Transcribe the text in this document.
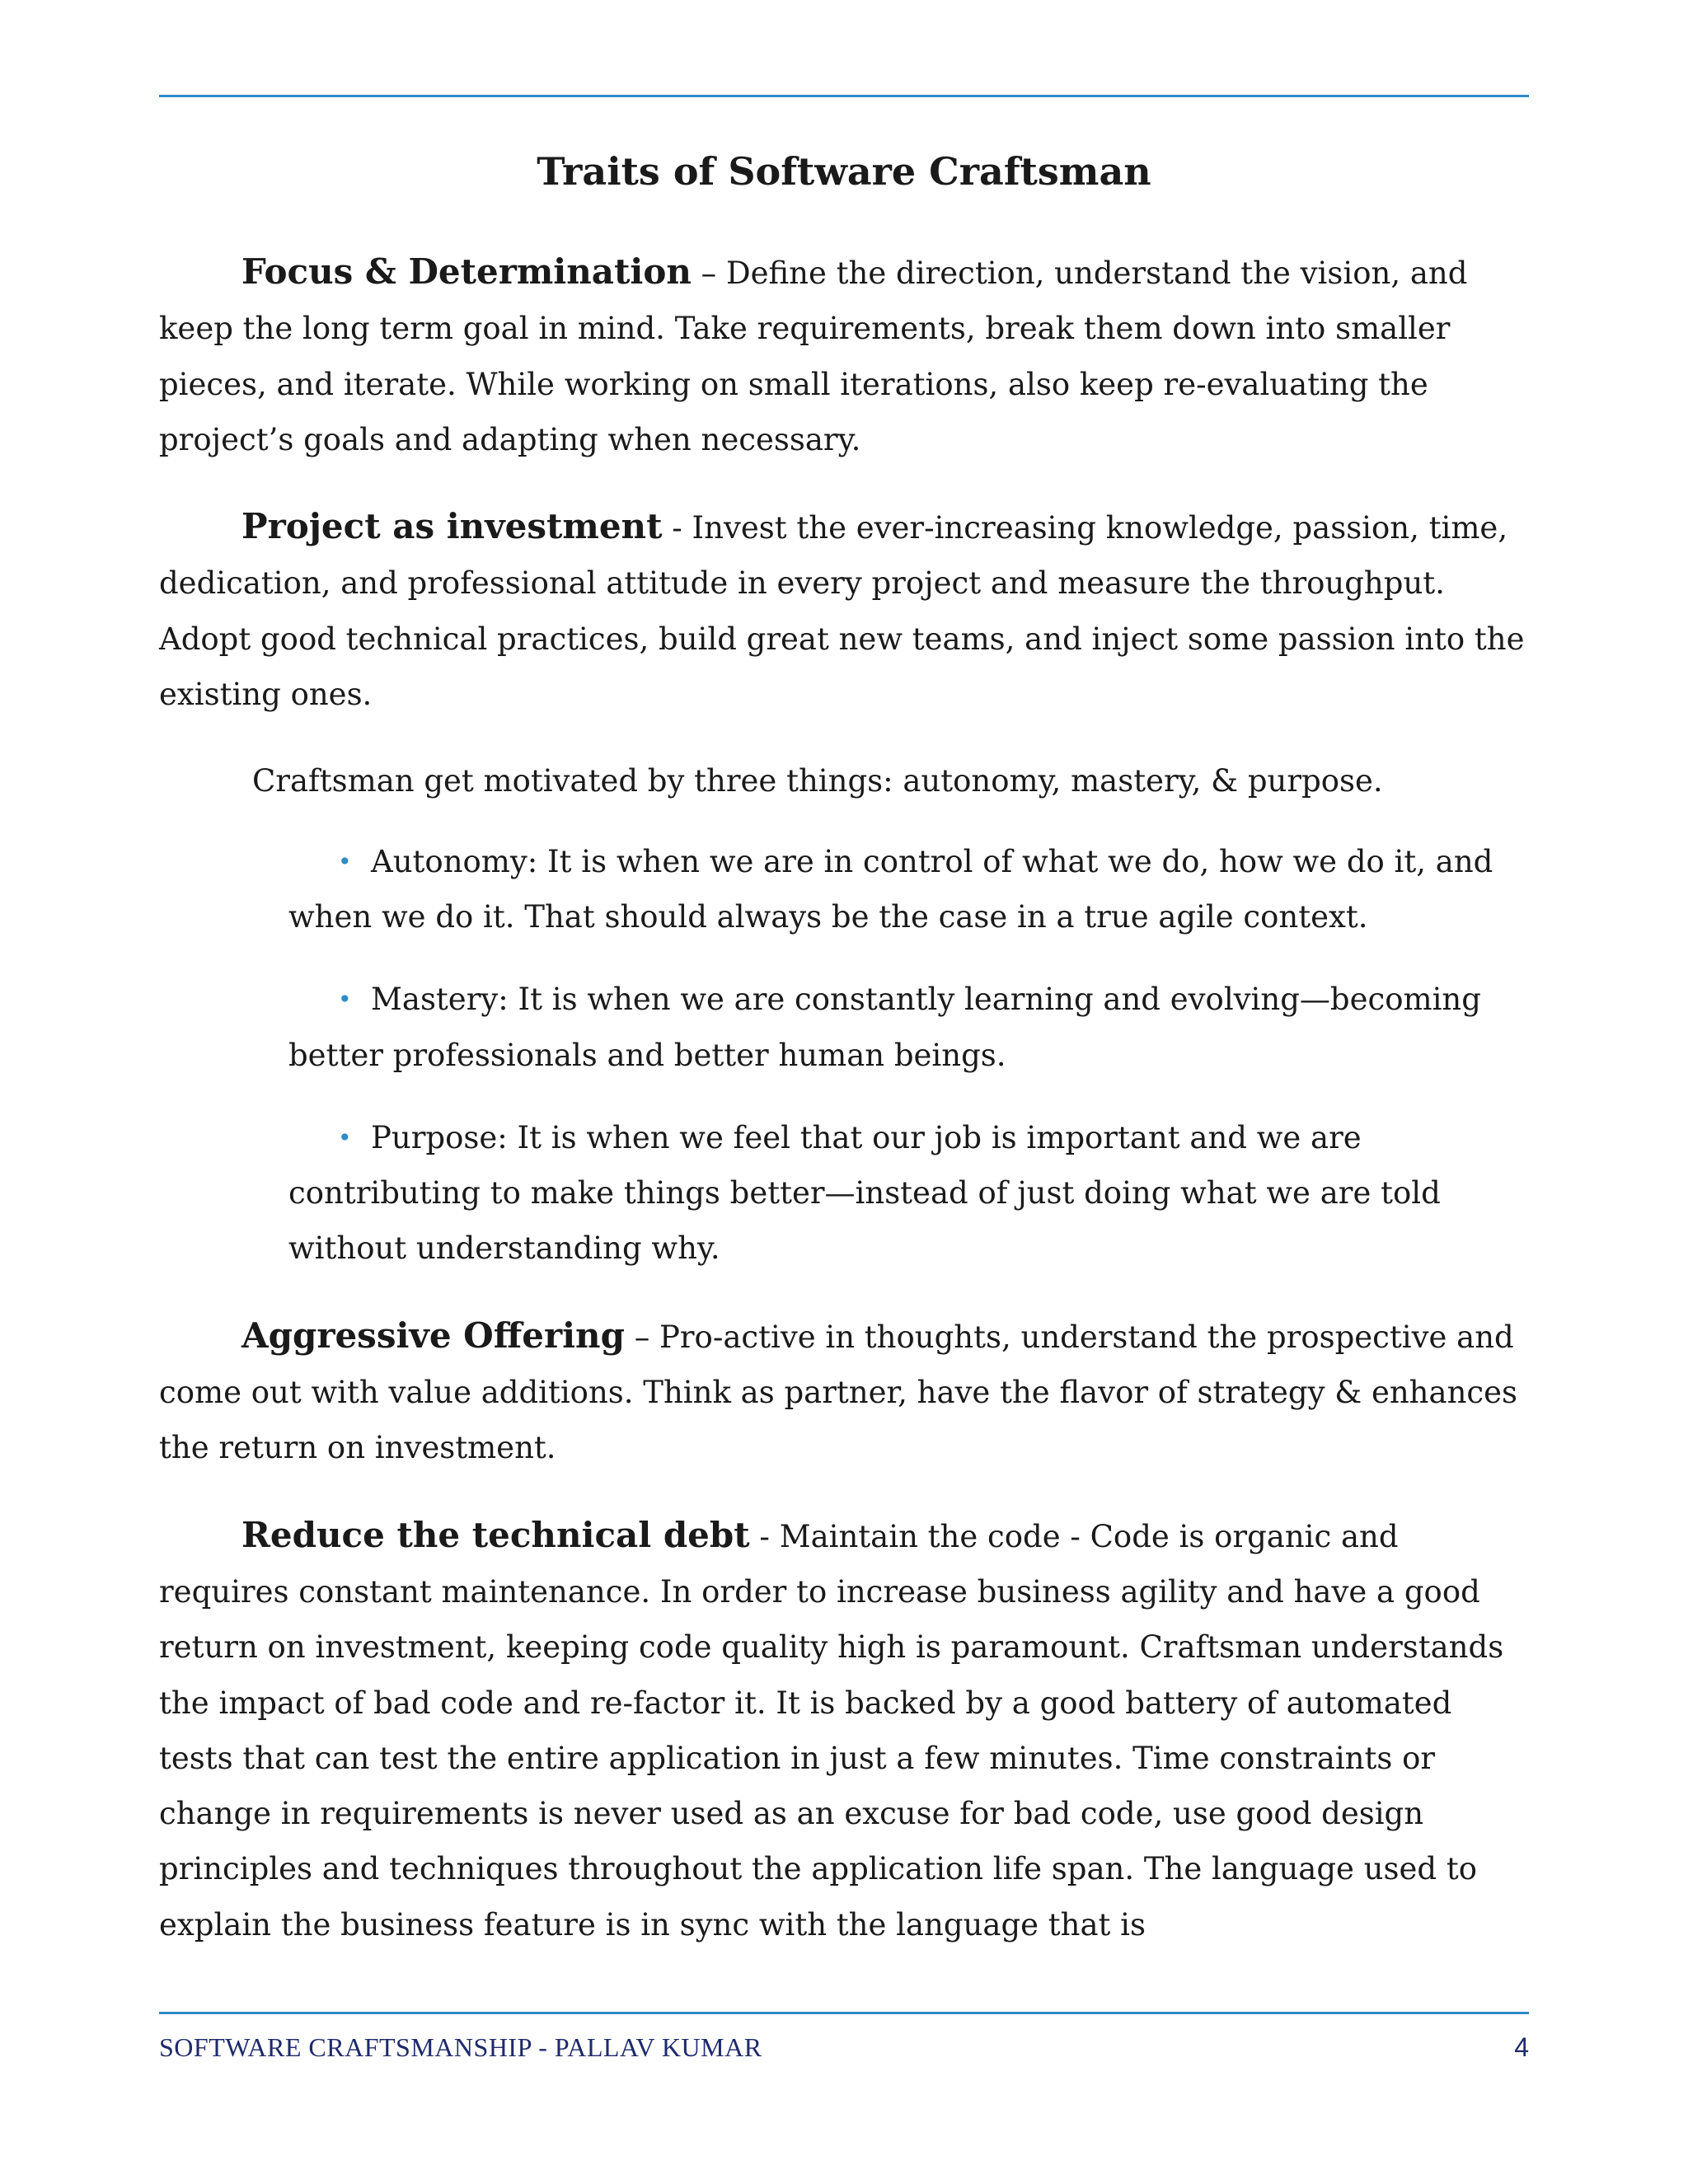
Traits of Software Craftsman

Focus & Determination – Define the direction, understand the vision, and keep the long term goal in mind. Take requirements, break them down into smaller pieces, and iterate. While working on small iterations, also keep re-evaluating the project’s goals and adapting when necessary.

Project as investment - Invest the ever-increasing knowledge, passion, time, dedication, and professional attitude in every project and measure the throughput. Adopt good technical practices, build great new teams, and inject some passion into the existing ones.

Craftsman get motivated by three things: autonomy, mastery, & purpose.

• Autonomy: It is when we are in control of what we do, how we do it, and when we do it. That should always be the case in a true agile context.
• Mastery: It is when we are constantly learning and evolving—becoming better professionals and better human beings.
• Purpose: It is when we feel that our job is important and we are contributing to make things better—instead of just doing what we are told without understanding why.

Aggressive Offering – Pro-active in thoughts, understand the prospective and come out with value additions. Think as partner, have the flavor of strategy & enhances the return on investment.

Reduce the technical debt - Maintain the code - Code is organic and requires constant maintenance. In order to increase business agility and have a good return on investment, keeping code quality high is paramount. Craftsman understands the impact of bad code and re-factor it. It is backed by a good battery of automated tests that can test the entire application in just a few minutes. Time constraints or change in requirements is never used as an excuse for bad code, use good design principles and techniques throughout the application life span. The language used to explain the business feature is in sync with the language that is

SOFTWARE CRAFTSMANSHIP - PALLAV KUMAR	4
